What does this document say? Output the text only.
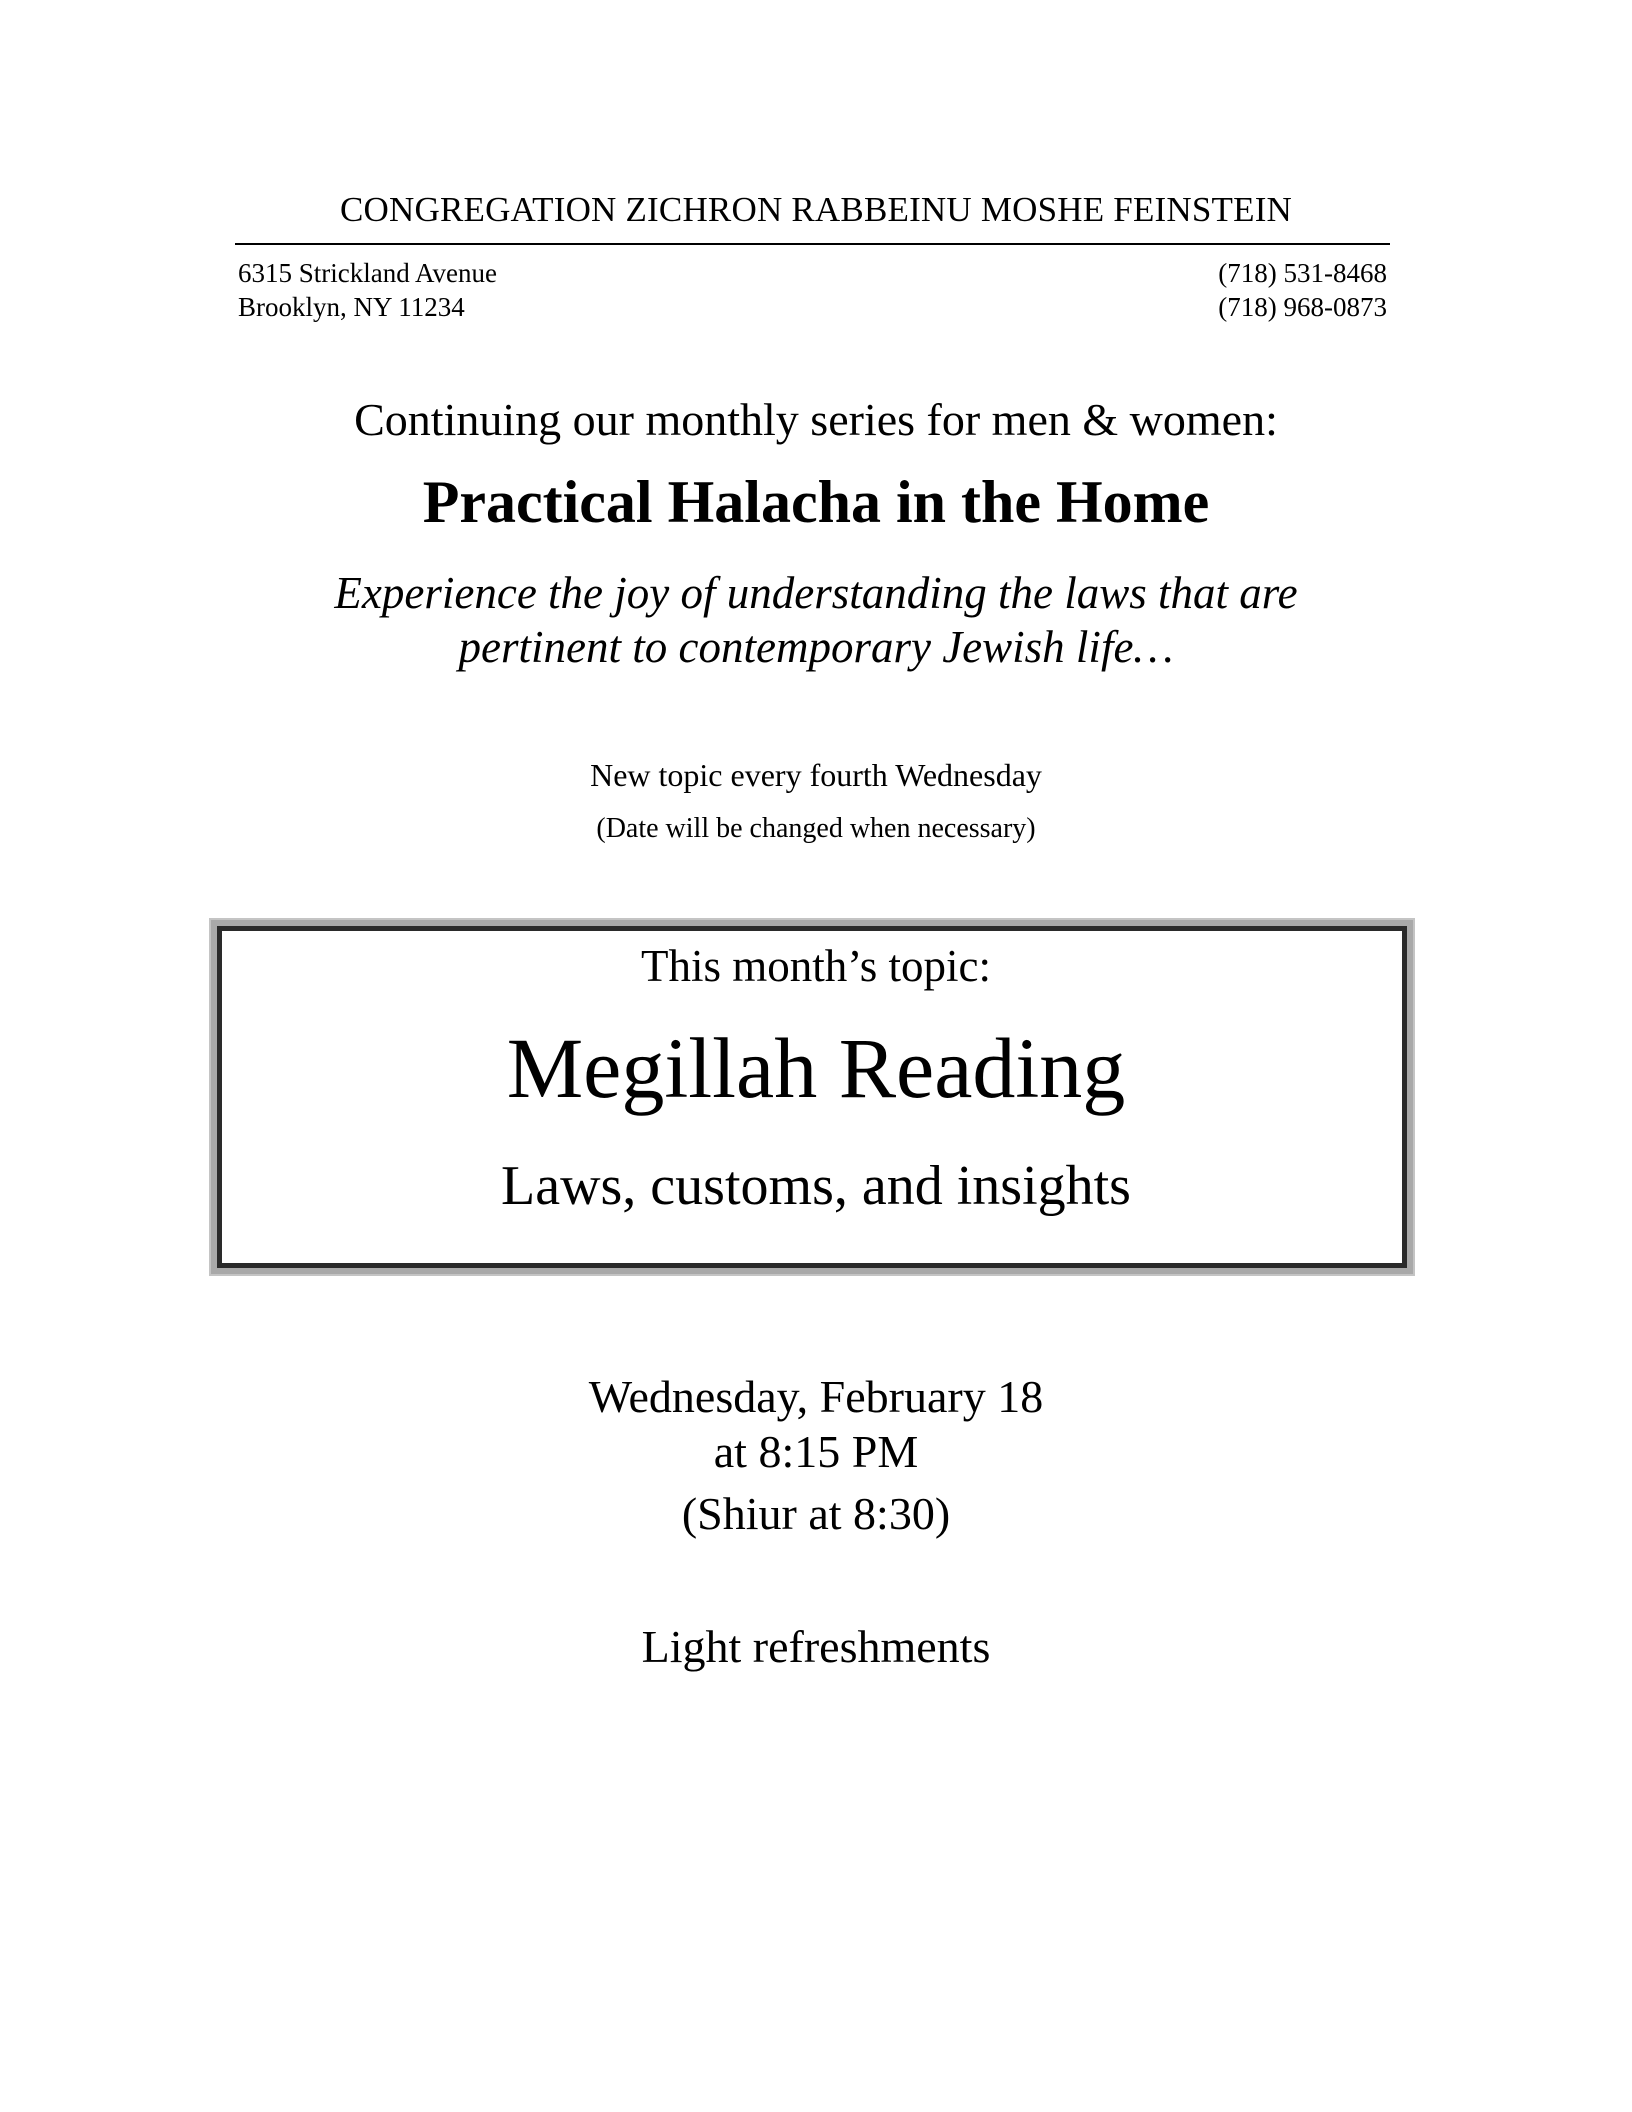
CONGREGATION ZICHRON RABBEINU MOSHE FEINSTEIN
6315 Strickland Avenue
Brooklyn, NY 11234
(718) 531-8468
(718) 968-0873
Continuing our monthly series for men & women:
Practical Halacha in the Home
Experience the joy of understanding the laws that are
pertinent to contemporary Jewish life…
New topic every fourth Wednesday
(Date will be changed when necessary)
This month’s topic:
Megillah Reading
Laws, customs, and insights
Wednesday, February 18
at 8:15 PM
(Shiur at 8:30)
Light refreshments
